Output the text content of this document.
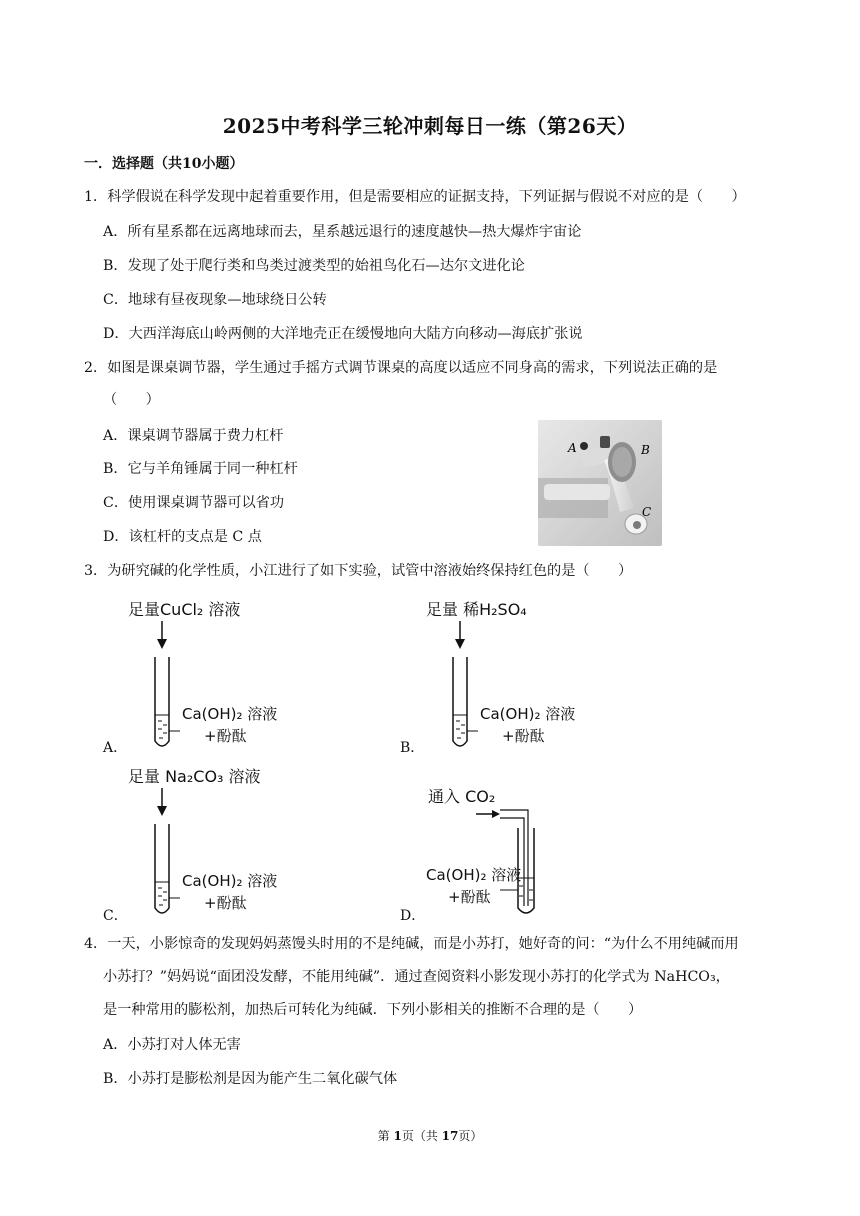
2025中考科学三轮冲刺每日一练（第26天）
一．选择题（共10小题）
1．科学假说在科学发现中起着重要作用，但是需要相应的证据支持，下列证据与假说不对应的是（　　）
A．所有星系都在远离地球而去，星系越远退行的速度越快—热大爆炸宇宙论
B．发现了处于爬行类和鸟类过渡类型的始祖鸟化石—达尔文进化论
C．地球有昼夜现象—地球绕日公转
D．大西洋海底山岭两侧的大洋地壳正在缓慢地向大陆方向移动—海底扩张说
2．如图是课桌调节器，学生通过手摇方式调节课桌的高度以适应不同身高的需求，下列说法正确的是
（　　）
A．课桌调节器属于费力杠杆
B．它与羊角锤属于同一种杠杆
C．使用课桌调节器可以省功
D．该杠杆的支点是 C 点
A	B
C
3．为研究碱的化学性质，小江进行了如下实验，试管中溶液始终保持红色的是（　　）
A．
足量CuCl₂ 溶液
Ca(OH)₂ 溶液
+酚酞
B．
足量 稀H₂SO₄
Ca(OH)₂ 溶液
+酚酞
C．
足量 Na₂CO₃ 溶液
Ca(OH)₂ 溶液
+酚酞
D．
通入 CO₂
Ca(OH)₂ 溶液
+酚酞
4．一天，小影惊奇的发现妈妈蒸馒头时用的不是纯碱，而是小苏打，她好奇的问：“为什么不用纯碱而用
小苏打？”妈妈说“面团没发酵，不能用纯碱”．通过查阅资料小影发现小苏打的化学式为 NaHCO₃，
是一种常用的膨松剂，加热后可转化为纯碱．下列小影相关的推断不合理的是（　　）
A．小苏打对人体无害
B．小苏打是膨松剂是因为能产生二氧化碳气体
第 1页（共 17页）
